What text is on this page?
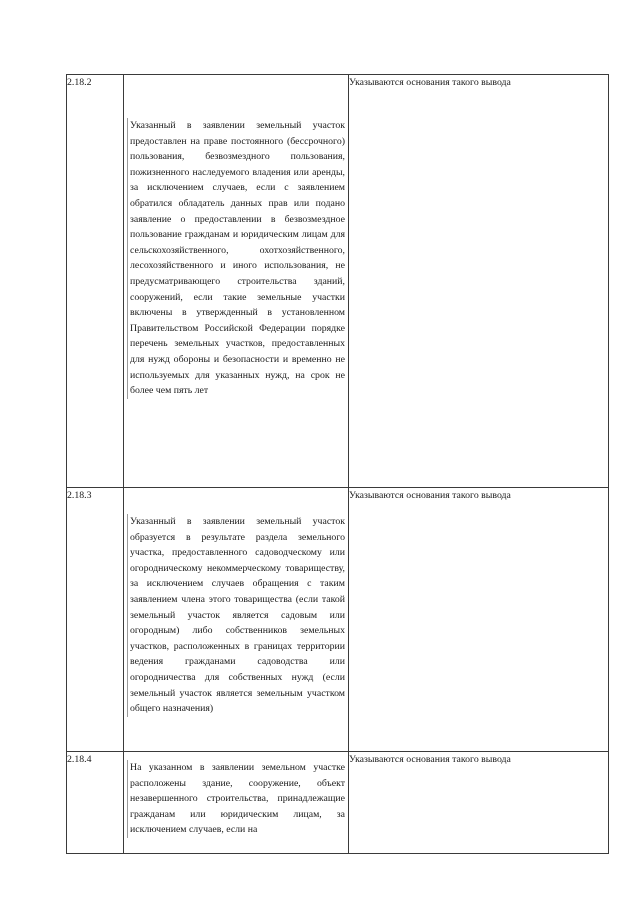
2.18.2	Указанный в заявлении земельный участок предоставлен на праве постоянного (бессрочного) пользования, безвозмездного пользования, пожизненного наследуемого владения или аренды, за исключением случаев, если с заявлением обратился обладатель данных прав или подано заявление о предоставлении в безвозмездное пользование гражданам и юридическим лицам для сельскохозяйственного, охотхозяйственного, лесохозяйственного и иного использования, не предусматривающего строительства зданий, сооружений, если такие земельные участки включены в утвержденный в установленном Правительством Российской Федерации порядке перечень земельных участков, предоставленных для нужд обороны и безопасности и временно не используемых для указанных нужд, на срок не более чем пять лет	Указываются основания такого вывода
2.18.3	Указанный в заявлении земельный участок образуется в результате раздела земельного участка, предоставленного садоводческому или огородническому некоммерческому товариществу, за исключением случаев обращения с таким заявлением члена этого товарищества (если такой земельный участок является садовым или огородным) либо собственников земельных участков, расположенных в границах территории ведения гражданами садоводства или огородничества для собственных нужд (если земельный участок является земельным участком общего назначения)	Указываются основания такого вывода
2.18.4	На указанном в заявлении земельном участке расположены здание, сооружение, объект незавершенного строительства, принадлежащие гражданам или юридическим лицам, за исключением случаев, если на	Указываются основания такого вывода
